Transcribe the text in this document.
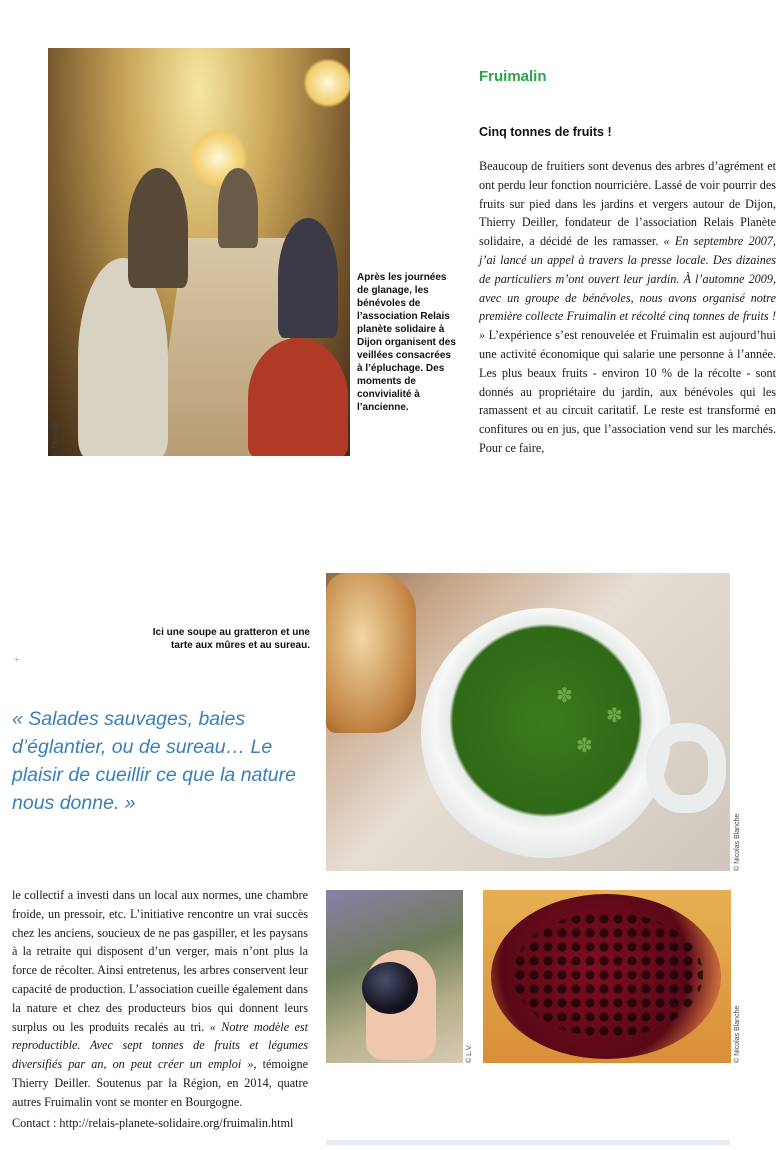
Fruimalin
Cinq tonnes de fruits !
© Fruimalin
Après les journées de glanage, les bénévoles de l’association Relais planète solidaire à Dijon organisent des veillées consacrées à l’épluchage. Des moments de convivialité à l’ancienne.
Beaucoup de fruitiers sont devenus des arbres d’agrément et ont perdu leur fonction nourricière. Lassé de voir pourrir des fruits sur pied dans les jardins et vergers autour de Dijon, Thierry Deiller, fondateur de l’association Relais Planète solidaire, a décidé de les ramasser. « En septembre 2007, j’ai lancé un appel à travers la presse locale. Des dizaines de particuliers m’ont ouvert leur jardin. À l’automne 2009, avec un groupe de bénévoles, nous avons organisé notre première collecte Fruimalin et récolté cinq tonnes de fruits ! » L’expérience s’est renouvelée et Fruimalin est aujourd’hui une activité économique qui salarie une personne à l’année. Les plus beaux fruits - environ 10 % de la récolte - sont donnés au propriétaire du jardin, aux bénévoles qui les ramassent et au circuit caritatif. Le reste est transformé en confitures ou en jus, que l’association vend sur les marchés. Pour ce faire,
✽
✽
✽
© Nicolas Blanche
Ici une soupe au gratteron et une tarte aux mûres et au sureau.
+
« Salades sauvages, baies d’églantier, ou de sureau… Le plaisir de cueillir ce que la nature nous donne. »
le collectif a investi dans un local aux normes, une chambre froide, un pressoir, etc. L’initiative rencontre un vrai succès chez les anciens, soucieux de ne pas gaspiller, et les paysans à la retraite qui disposent d’un verger, mais n’ont plus la force de récolter. Ainsi entretenus, les arbres conservent leur capacité de production. L’association cueille également dans la nature et chez des producteurs bios qui donnent leurs surplus ou les produits recalés au tri. « Notre modèle est reproductible. Avec sept tonnes de fruits et légumes diversifiés par an, on peut créer un emploi », témoigne Thierry Deiller. Soutenus par la Région, en 2014, quatre autres Fruimalin vont se monter en Bourgogne.
Contact : http://relais-planete-solidaire.org/fruimalin.html
© L.V.	© Nicolas Blanche
